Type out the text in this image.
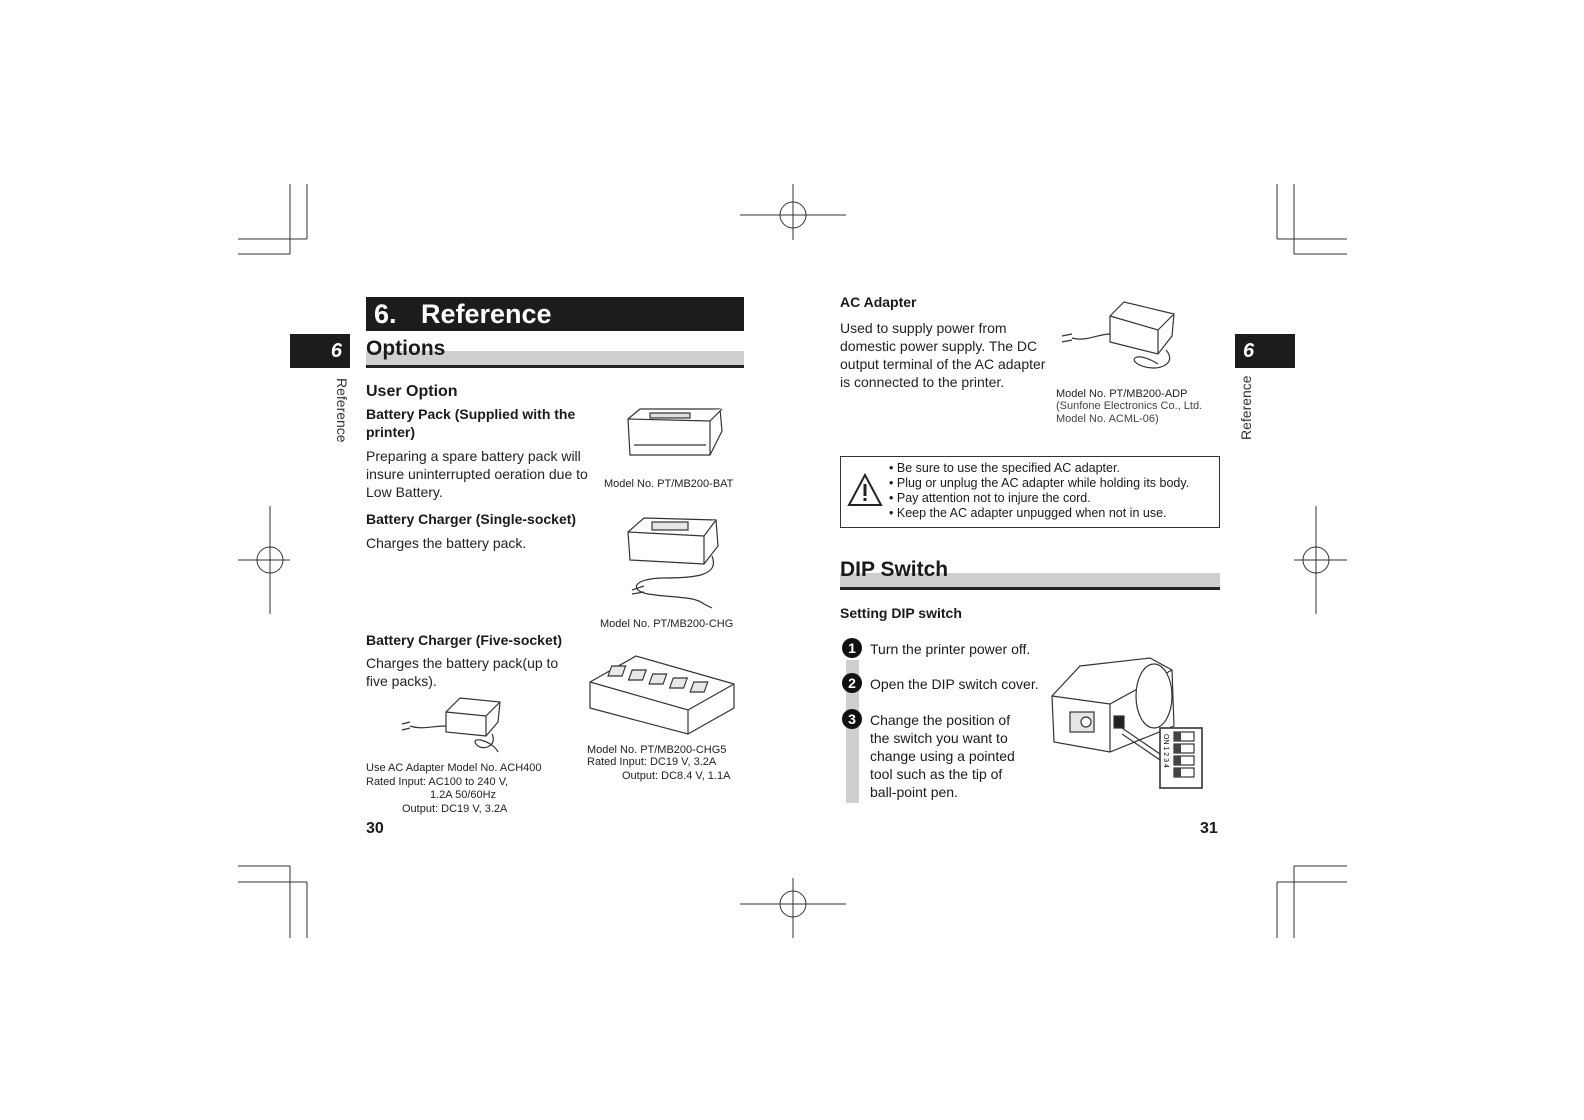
6. Reference
6
Reference
Options
User Option
Battery Pack (Supplied with the printer)
Preparing a spare battery pack will insure uninterrupted oeration due to Low Battery.	Model No. PT/MB200-BAT
Battery Charger (Single-socket)
Charges the battery pack.
Model No. PT/MB200-CHG
Battery Charger (Five-socket)
Charges the battery pack(up to five packs).
Model No. PT/MB200-CHG5
Rated Input: DC19 V, 3.2A
Output: DC8.4 V, 1.1A
Use AC Adapter Model No. ACH400
Rated Input: AC100 to 240 V,
1.2A 50/60Hz
Output: DC19 V, 3.2A
30
AC Adapter
Used to supply power from domestic power supply. The DC output terminal of the AC adapter is connected to the printer.
Model No. PT/MB200-ADP
(Sunfone Electronics Co., Ltd.
Model No. ACML-06)
6
Reference
• Be sure to use the specified AC adapter.
• Plug or unplug the AC adapter while holding its body.
• Pay attention not to injure the cord.
• Keep the AC adapter unpugged when not in use.
DIP Switch
Setting DIP switch
1	Turn the printer power off.
2	Open the DIP switch cover.
3	Change the position of the switch you want to change using a pointed tool such as the tip of ball-point pen.
ON 1 2 3 4
31
